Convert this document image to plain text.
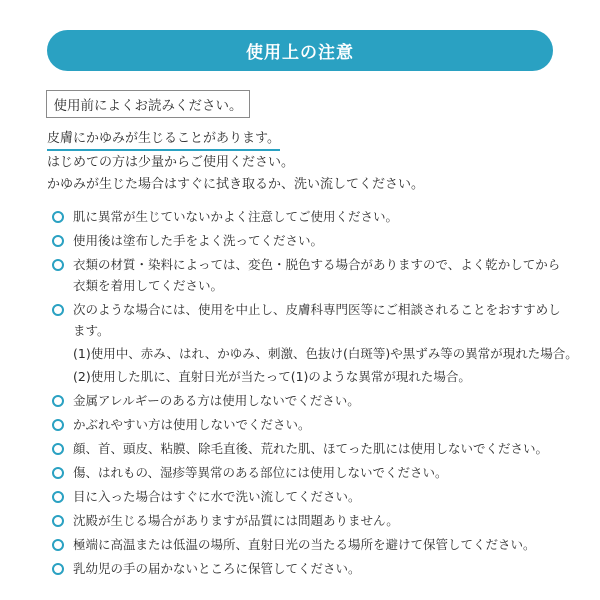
使用上の注意
使用前によくお読みください。
皮膚にかゆみが生じることがあります。
はじめての方は少量からご使用ください。
かゆみが生じた場合はすぐに拭き取るか、洗い流してください。
肌に異常が生じていないかよく注意してご使用ください。
使用後は塗布した手をよく洗ってください。
衣類の材質・染料によっては、変色・脱色する場合がありますので、よく乾かしてから衣類を着用してください。
次のような場合には、使用を中止し、皮膚科専門医等にご相談されることをおすすめします。
(1)使用中、赤み、はれ、かゆみ、刺激、色抜け(白斑等)や黒ずみ等の異常が現れた場合。
(2)使用した肌に、直射日光が当たって(1)のような異常が現れた場合。
金属アレルギーのある方は使用しないでください。
かぶれやすい方は使用しないでください。
顔、首、頭皮、粘膜、除毛直後、荒れた肌、ほてった肌には使用しないでください。
傷、はれもの、湿疹等異常のある部位には使用しないでください。
目に入った場合はすぐに水で洗い流してください。
沈殿が生じる場合がありますが品質には問題ありません。
極端に高温または低温の場所、直射日光の当たる場所を避けて保管してください。
乳幼児の手の届かないところに保管してください。
